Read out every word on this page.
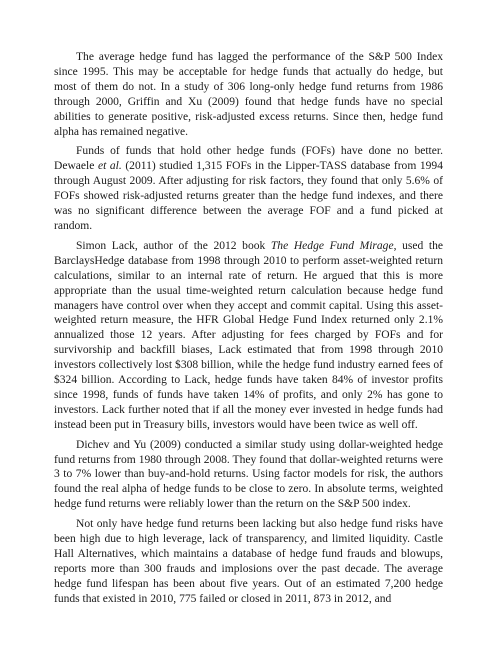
The average hedge fund has lagged the performance of the S&P 500 Index since 1995. This may be acceptable for hedge funds that actually do hedge, but most of them do not. In a study of 306 long-only hedge fund returns from 1986 through 2000, Griffin and Xu (2009) found that hedge funds have no special abilities to generate positive, risk-adjusted excess returns. Since then, hedge fund alpha has remained negative.

Funds of funds that hold other hedge funds (FOFs) have done no better. Dewaele et al. (2011) studied 1,315 FOFs in the Lipper-TASS database from 1994 through August 2009. After adjusting for risk factors, they found that only 5.6% of FOFs showed risk-adjusted returns greater than the hedge fund indexes, and there was no significant difference between the average FOF and a fund picked at random.

Simon Lack, author of the 2012 book The Hedge Fund Mirage, used the BarclaysHedge database from 1998 through 2010 to perform asset-weighted return calculations, similar to an internal rate of return. He argued that this is more appropriate than the usual time-weighted return calculation because hedge fund managers have control over when they accept and commit capital. Using this asset-weighted return measure, the HFR Global Hedge Fund Index returned only 2.1% annualized those 12 years. After adjusting for fees charged by FOFs and for survivorship and backfill biases, Lack estimated that from 1998 through 2010 investors collectively lost $308 billion, while the hedge fund industry earned fees of $324 billion. According to Lack, hedge funds have taken 84% of investor profits since 1998, funds of funds have taken 14% of profits, and only 2% has gone to investors. Lack further noted that if all the money ever invested in hedge funds had instead been put in Treasury bills, investors would have been twice as well off.

Dichev and Yu (2009) conducted a similar study using dollar-weighted hedge fund returns from 1980 through 2008. They found that dollar-weighted returns were 3 to 7% lower than buy-and-hold returns. Using factor models for risk, the authors found the real alpha of hedge funds to be close to zero. In absolute terms, weighted hedge fund returns were reliably lower than the return on the S&P 500 index.

Not only have hedge fund returns been lacking but also hedge fund risks have been high due to high leverage, lack of transparency, and limited liquidity. Castle Hall Alternatives, which maintains a database of hedge fund frauds and blowups, reports more than 300 frauds and implosions over the past decade. The average hedge fund lifespan has been about five years. Out of an estimated 7,200 hedge funds that existed in 2010, 775 failed or closed in 2011, 873 in 2012, and
